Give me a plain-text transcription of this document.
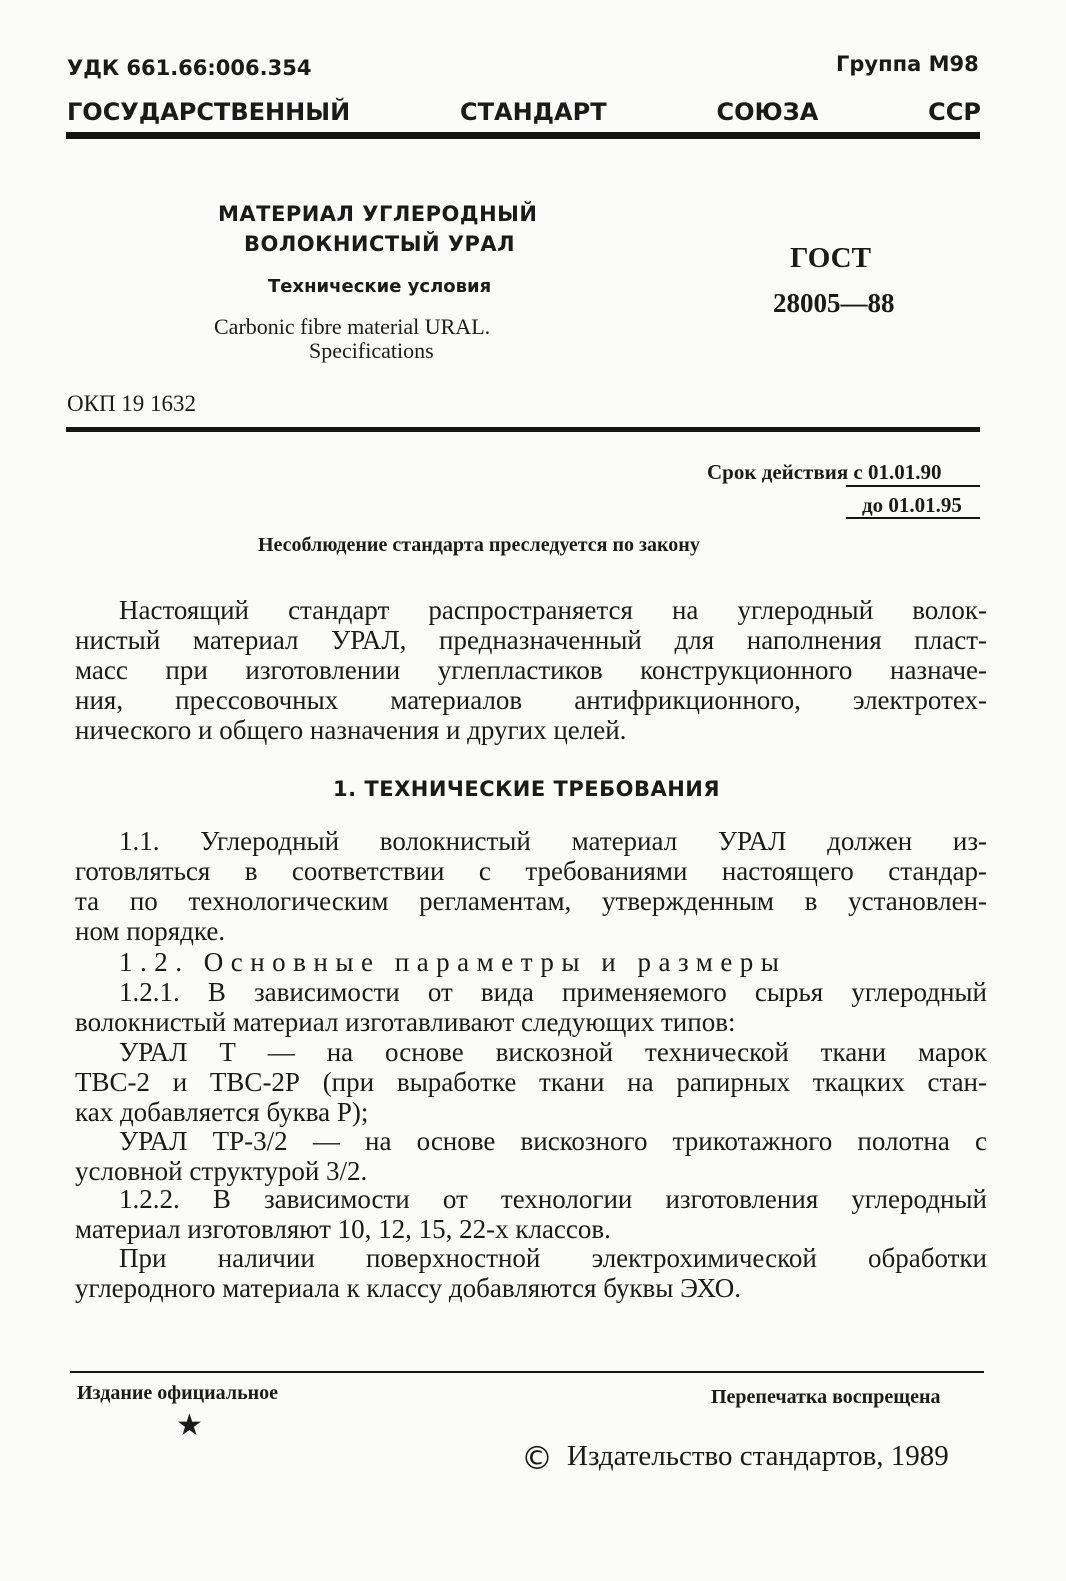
УДК 661.66:006.354	Группа М98
ГОСУДАРСТВЕННЫЙ СТАНДАРТ СОЮЗА ССР
МАТЕРИАЛ УГЛЕРОДНЫЙ
ВОЛОКНИСТЫЙ УРАЛ
Технические условия
Carbonic fibre material URAL.
Specifications
ГОСТ
28005—88
ОКП 19 1632
Срок действия с 01.01.90
до 01.01.95
Несоблюдение стандарта преследуется по закону
Настоящий стандарт распространяется на углеродный волок-
нистый материал УРАЛ, предназначенный для наполнения пласт-
масс при изготовлении углепластиков конструкционного назначе-
ния, прессовочных материалов антифрикционного, электротех-
нического и общего назначения и других целей.
1. ТЕХНИЧЕСКИЕ ТРЕБОВАНИЯ
1.1. Углеродный волокнистый материал УРАЛ должен из-
готовляться в соответствии с требованиями настоящего стандар-
та по технологическим регламентам, утвержденным в установлен-
ном порядке.
1.2. Основные параметры и размеры
1.2.1. В зависимости от вида применяемого сырья углеродный
волокнистый материал изготавливают следующих типов:
УРАЛ Т — на основе вискозной технической ткани марок
ТВС-2 и ТВС-2Р (при выработке ткани на рапирных ткацких стан-
ках добавляется буква Р);
УРАЛ ТР-3/2 — на основе вискозного трикотажного полотна с
условной структурой 3/2.
1.2.2. В зависимости от технологии изготовления углеродный
материал изготовляют 10, 12, 15, 22-х классов.
При наличии поверхностной электрохимической обработки
углеродного материала к классу добавляются буквы ЭХО.
Издание официальное	Перепечатка воспрещена
★
© Издательство стандартов, 1989
